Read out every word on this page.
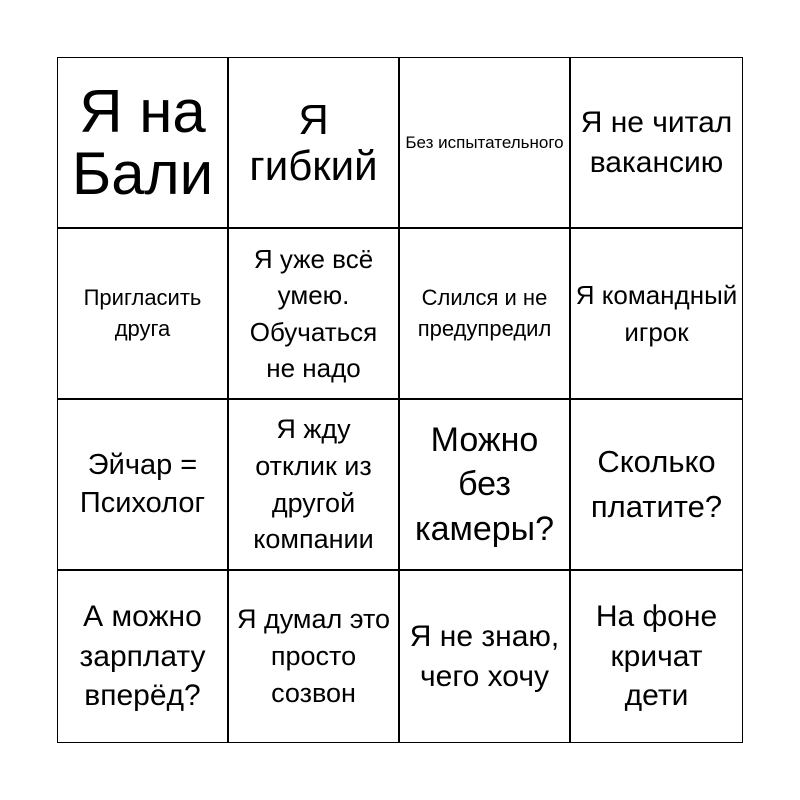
Я на Бали
Я гибкий	Без испытательного
Я не читал вакансию
Пригласить друга
Я уже всё умею. Обучаться не надо
Слился и не предупредил
Я командный игрок
Эйчар = Психолог
Я жду отклик из другой компании
Можно без камеры?
Сколько платите?
А можно зарплату вперёд?
Я думал это просто созвон
Я не знаю, чего хочу
На фоне кричат дети
